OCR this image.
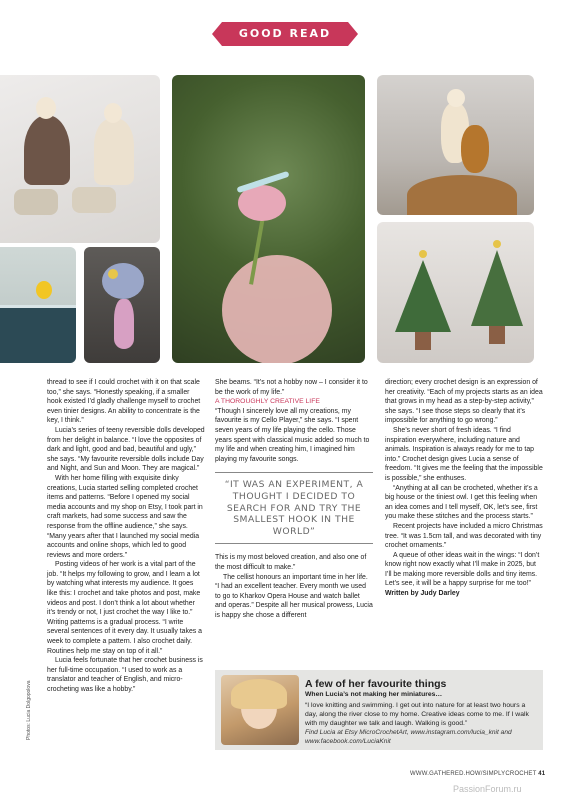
GOOD READ
Photos: Lucia Dolgopolova

thread to see if I could crochet with it on that scale too,” she says. “Honestly speaking, if a smaller hook existed I’d gladly challenge myself to crochet even tinier designs. An ability to concentrate is the key, I think.”

Lucia’s series of teeny reversible dolls developed from her delight in balance. “I love the opposites of dark and light, good and bad, beautiful and ugly,” she says. “My favourite reversible dolls include Day and Night, and Sun and Moon. They are magical.”

With her home filling with exquisite dinky creations, Lucia started selling completed crochet items and patterns. “Before I opened my social media accounts and my shop on Etsy, I took part in craft markets, had some success and saw the response from the offline audience,” she says. “Many years after that I launched my social media accounts and online shops, which led to good reviews and more orders.”

Posting videos of her work is a vital part of the job. “It helps my following to grow, and I learn a lot by watching what interests my audience. It goes like this: I crochet and take photos and post, make videos and post. I don’t think a lot about whether it’s trendy or not, I just crochet the way I like to.” Writing patterns is a gradual process. “I write several sentences of it every day. It usually takes a week to complete a pattern. I also crochet daily. Routines help me stay on top of it all.”

Lucia feels fortunate that her crochet business is her full-time occupation. “I used to work as a translator and teacher of English, and micro-crocheting was like a hobby.”

She beams. “It’s not a hobby now – I consider it to be the work of my life.”

A THOROUGHLY CREATIVE LIFE

“Though I sincerely love all my creations, my favourite is my Cello Player,” she says. “I spent seven years of my life playing the cello. Those years spent with classical music added so much to my life and when creating him, I imagined him playing my favourite songs.

“IT WAS AN EXPERIMENT, A THOUGHT I DECIDED TO SEARCH FOR AND TRY THE SMALLEST HOOK IN THE WORLD”

This is my most beloved creation, and also one of the most difficult to make.”

The cellist honours an important time in her life. “I had an excellent teacher. Every month we used to go to Kharkov Opera House and watch ballet and operas.” Despite all her musical prowess, Lucia is happy she chose a different

direction; every crochet design is an expression of her creativity. “Each of my projects starts as an idea that grows in my head as a step-by-step activity,” she says. “I see those steps so clearly that it’s impossible for anything to go wrong.”

She’s never short of fresh ideas. “I find inspiration everywhere, including nature and animals. Inspiration is always ready for me to tap into.” Crochet design gives Lucia a sense of freedom. “It gives me the feeling that the impossible is possible,” she enthuses.

“Anything at all can be crocheted, whether it’s a big house or the tiniest owl. I get this feeling when an idea comes and I tell myself, OK, let’s see, first you make these stitches and the process starts.”

Recent projects have included a micro Christmas tree. “It was 1.5cm tall, and was decorated with tiny crochet ornaments.”

A queue of other ideas wait in the wings: “I don’t know right now exactly what I’ll make in 2025, but I’ll be making more reversible dolls and tiny items. Let’s see, it will be a happy surprise for me too!”

Written by Judy Darley

A few of her favourite things
When Lucia’s not making her miniatures…
“I love knitting and swimming. I get out into nature for at least two hours a day, along the river close to my home. Creative ideas come to me. If I walk with my daughter we talk and laugh. Walking is good.”
Find Lucia at Etsy MicroCrochetArt, www.instagram.com/lucia_knit and www.facebook.com/LuciaKnit
WWW.GATHERED.HOW/SIMPLYCROCHET 41
PassionForum.ru
